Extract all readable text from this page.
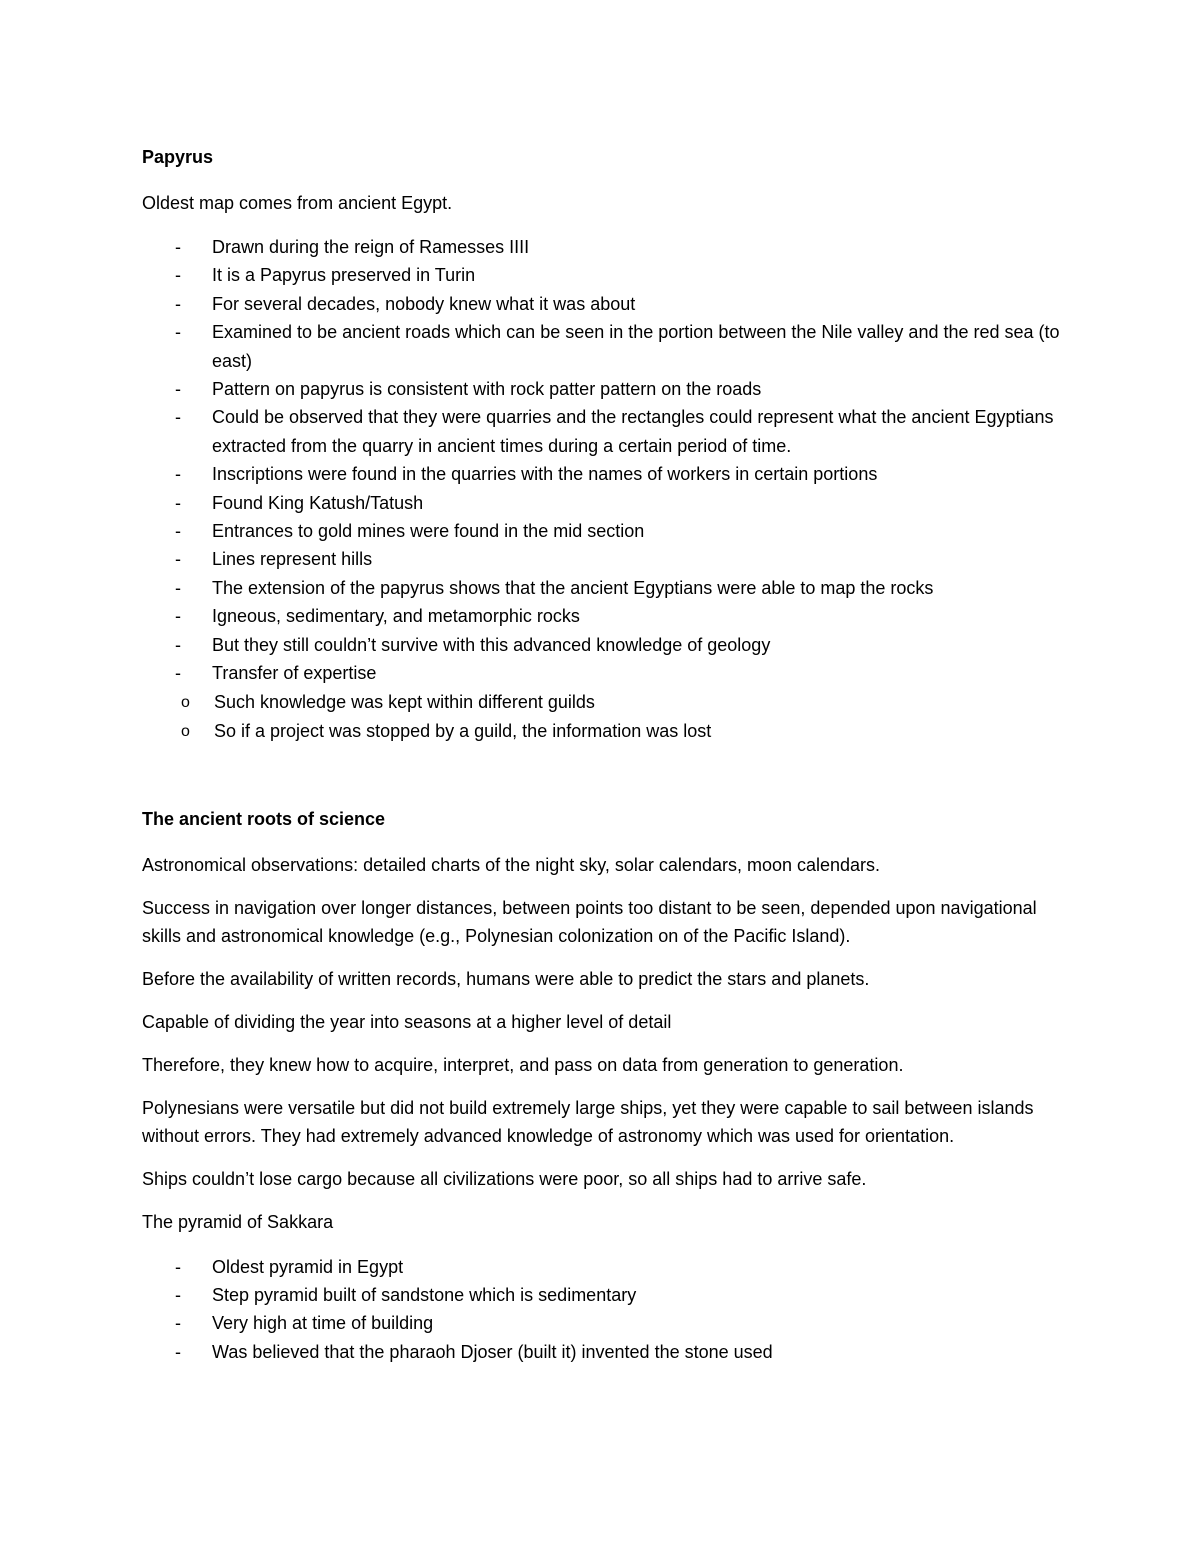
Papyrus
Oldest map comes from ancient Egypt.
- Drawn during the reign of Ramesses IIII
- It is a Papyrus preserved in Turin
- For several decades, nobody knew what it was about
- Examined to be ancient roads which can be seen in the portion between the Nile valley and the red sea (to east)
- Pattern on papyrus is consistent with rock patter pattern on the roads
- Could be observed that they were quarries and the rectangles could represent what the ancient Egyptians extracted from the quarry in ancient times during a certain period of time.
- Inscriptions were found in the quarries with the names of workers in certain portions
- Found King Katush/Tatush
- Entrances to gold mines were found in the mid section
- Lines represent hills
- The extension of the papyrus shows that the ancient Egyptians were able to map the rocks
- Igneous, sedimentary, and metamorphic rocks
- But they still couldn’t survive with this advanced knowledge of geology
- Transfer of expertise
o Such knowledge was kept within different guilds
o So if a project was stopped by a guild, the information was lost
The ancient roots of science
Astronomical observations: detailed charts of the night sky, solar calendars, moon calendars.
Success in navigation over longer distances, between points too distant to be seen, depended upon navigational skills and astronomical knowledge (e.g., Polynesian colonization on of the Pacific Island).
Before the availability of written records, humans were able to predict the stars and planets.
Capable of dividing the year into seasons at a higher level of detail
Therefore, they knew how to acquire, interpret, and pass on data from generation to generation.
Polynesians were versatile but did not build extremely large ships, yet they were capable to sail between islands without errors. They had extremely advanced knowledge of astronomy which was used for orientation.
Ships couldn’t lose cargo because all civilizations were poor, so all ships had to arrive safe.
The pyramid of Sakkara
- Oldest pyramid in Egypt
- Step pyramid built of sandstone which is sedimentary
- Very high at time of building
- Was believed that the pharaoh Djoser (built it) invented the stone used
